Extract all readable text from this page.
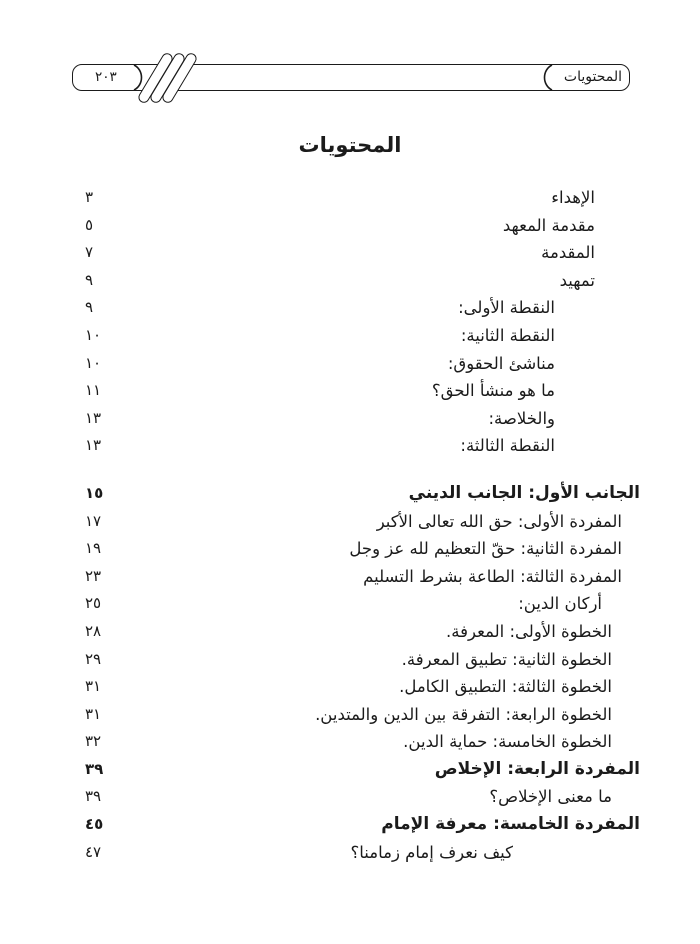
المحتويات
٢٠٣
المحتويات
الإهداء
٣
مقدمة المعهد
٥
المقدمة
٧
تمهيد
٩
النقطة الأولى:
٩
النقطة الثانية:
١٠
مناشئ الحقوق:
١٠
ما هو منشأ الحق؟
١١
والخلاصة:
١٣
النقطة الثالثة:
١٣
الجانب الأول: الجانب الديني
١٥
المفردة الأولى: حق الله تعالى الأكبر
١٧
المفردة الثانية: حقّ التعظيم لله عز وجل
١٩
المفردة الثالثة: الطاعة بشرط التسليم
٢٣
أركان الدين:
٢٥
الخطوة الأولى: المعرفة.
٢٨
الخطوة الثانية: تطبيق المعرفة.
٢٩
الخطوة الثالثة: التطبيق الكامل.
٣١
الخطوة الرابعة: التفرقة بين الدين والمتدين.
٣١
الخطوة الخامسة: حماية الدين.
٣٢
المفردة الرابعة: الإخلاص
٣٩
ما معنى الإخلاص؟
٣٩
المفردة الخامسة: معرفة الإمام
٤٥
كيف نعرف إمام زمامنا؟
٤٧
